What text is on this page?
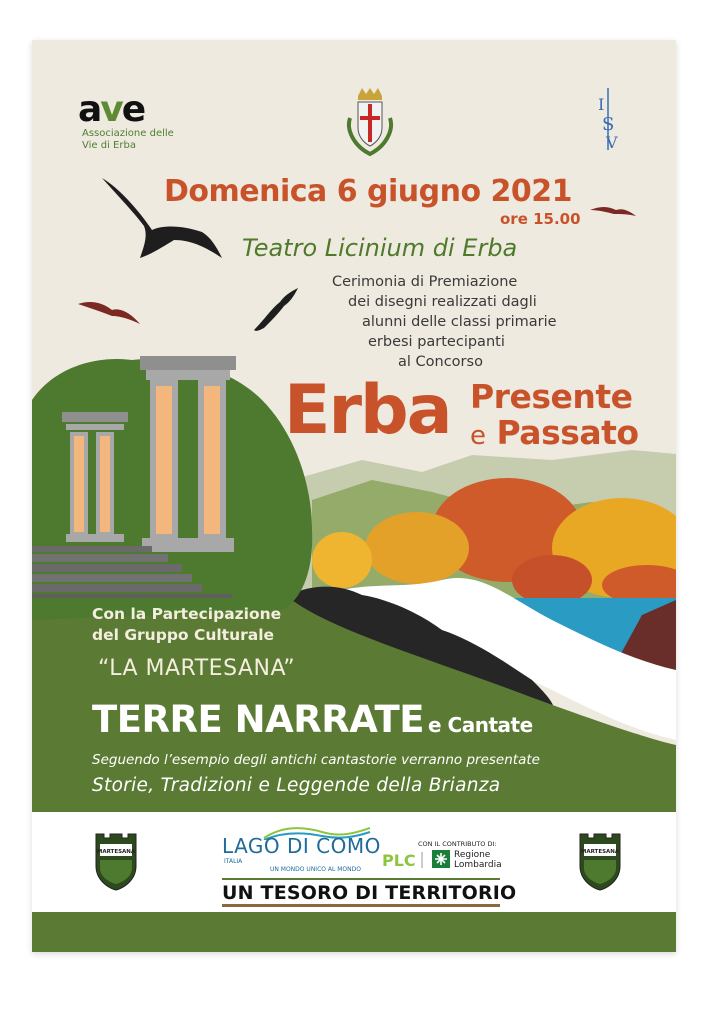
ave
Associazione delle Vie di Erba
I
S
V
Domenica 6 giugno 2021
ore 15.00
Teatro Licinium di Erba
Cerimonia di Premiazione
dei disegni realizzati dagli
alunni delle classi primarie
erbesi partecipanti
al Concorso
Erba Presente
e Passato
Con la Partecipazione
del Gruppo Culturale
“LA MARTESANA”
TERRE NARRATE e Cantate
Seguendo l’esempio degli antichi cantastorie verranno presentate
Storie, Tradizioni e Leggende della Brianza
MARTESANA	LAGO DI COMO
ITALIA
UN MONDO UNICO AL MONDO
CON IL CONTRIBUTO DI:
PLC	Regione
Lombardia
UN TESORO DI TERRITORIO
MARTESANA
